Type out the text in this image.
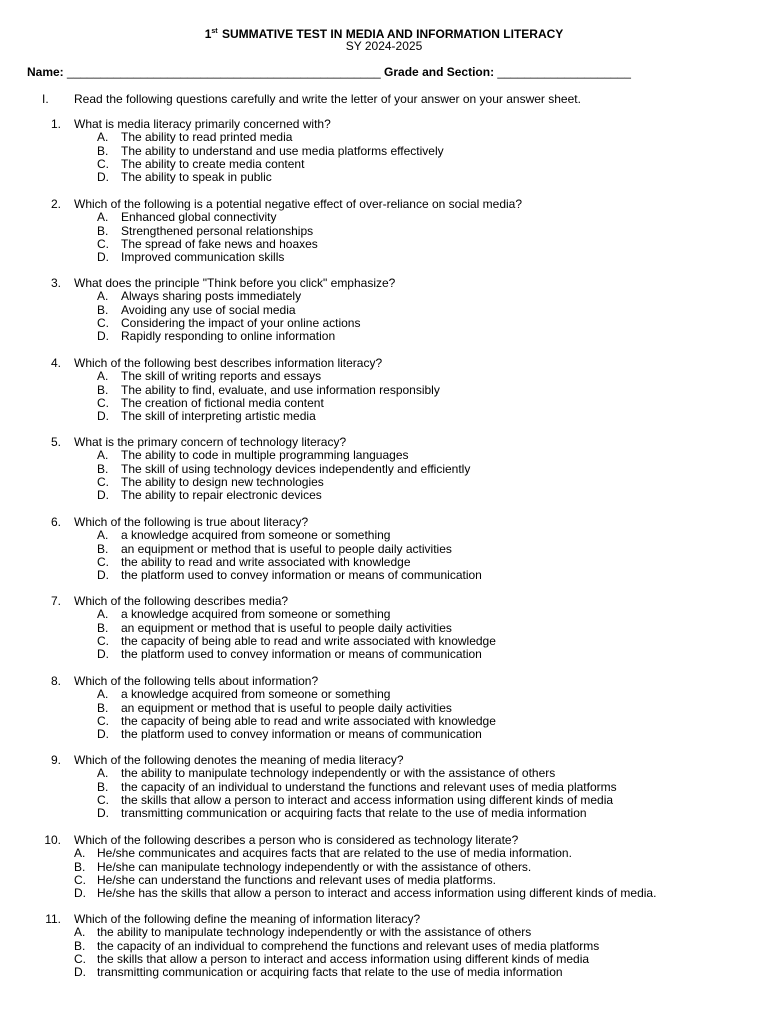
1st SUMMATIVE TEST IN MEDIA AND INFORMATION LITERACY
SY 2024-2025
Name: _______________________________________________ Grade and Section: ____________________
I. Read the following questions carefully and write the letter of your answer on your answer sheet.
1. What is media literacy primarily concerned with?
A. The ability to read printed media
B. The ability to understand and use media platforms effectively
C. The ability to create media content
D. The ability to speak in public
2. Which of the following is a potential negative effect of over-reliance on social media?
A. Enhanced global connectivity
B. Strengthened personal relationships
C. The spread of fake news and hoaxes
D. Improved communication skills
3. What does the principle "Think before you click" emphasize?
A. Always sharing posts immediately
B. Avoiding any use of social media
C. Considering the impact of your online actions
D. Rapidly responding to online information
4. Which of the following best describes information literacy?
A. The skill of writing reports and essays
B. The ability to find, evaluate, and use information responsibly
C. The creation of fictional media content
D. The skill of interpreting artistic media
5. What is the primary concern of technology literacy?
A. The ability to code in multiple programming languages
B. The skill of using technology devices independently and efficiently
C. The ability to design new technologies
D. The ability to repair electronic devices
6. Which of the following is true about literacy?
A. a knowledge acquired from someone or something
B. an equipment or method that is useful to people daily activities
C. the ability to read and write associated with knowledge
D. the platform used to convey information or means of communication
7. Which of the following describes media?
A. a knowledge acquired from someone or something
B. an equipment or method that is useful to people daily activities
C. the capacity of being able to read and write associated with knowledge
D. the platform used to convey information or means of communication
8. Which of the following tells about information?
A. a knowledge acquired from someone or something
B. an equipment or method that is useful to people daily activities
C. the capacity of being able to read and write associated with knowledge
D. the platform used to convey information or means of communication
9. Which of the following denotes the meaning of media literacy?
A. the ability to manipulate technology independently or with the assistance of others
B. the capacity of an individual to understand the functions and relevant uses of media platforms
C. the skills that allow a person to interact and access information using different kinds of media
D. transmitting communication or acquiring facts that relate to the use of media information
10. Which of the following describes a person who is considered as technology literate?
A. He/she communicates and acquires facts that are related to the use of media information.
B. He/she can manipulate technology independently or with the assistance of others.
C. He/she can understand the functions and relevant uses of media platforms.
D. He/she has the skills that allow a person to interact and access information using different kinds of media.
11. Which of the following define the meaning of information literacy?
A. the ability to manipulate technology independently or with the assistance of others
B. the capacity of an individual to comprehend the functions and relevant uses of media platforms
C. the skills that allow a person to interact and access information using different kinds of media
D. transmitting communication or acquiring facts that relate to the use of media information
